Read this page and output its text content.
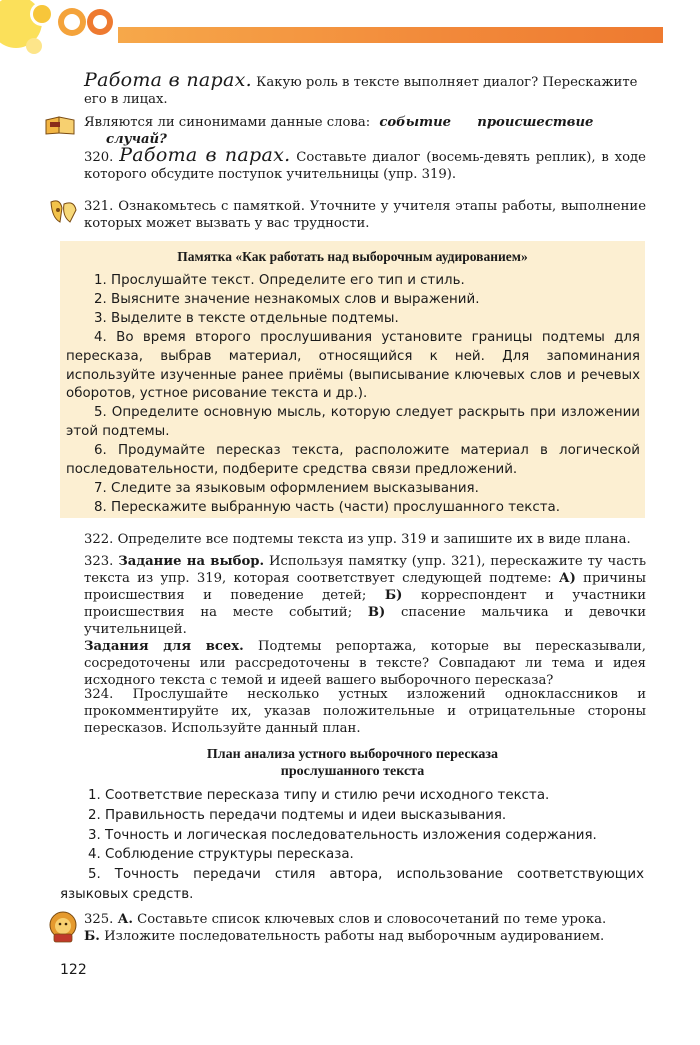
Работа в парах. Какую роль в тексте выполняет диалог? Перескажите его в лицах.
Являются ли синонимами данные слова: событие происшествие случай?
320. Работа в парах. Составьте диалог (восемь-девять реплик), в ходе которого обсудите поступок учительницы (упр. 319).
321. Ознакомьтесь с памяткой. Уточните у учителя этапы работы, выполнение которых может вызвать у вас трудности.
Памятка «Как работать над выборочным аудированием»
1. Прослушайте текст. Определите его тип и стиль.
2. Выясните значение незнакомых слов и выражений.
3. Выделите в тексте отдельные подтемы.
4. Во время второго прослушивания установите границы подтемы для пересказа, выбрав материал, относящийся к ней. Для запоминания используйте изученные ранее приёмы (выписывание ключевых слов и речевых оборотов, устное рисование текста и др.).
5. Определите основную мысль, которую следует раскрыть при изложении этой подтемы.
6. Продумайте пересказ текста, расположите материал в логической последовательности, подберите средства связи предложений.
7. Следите за языковым оформлением высказывания.
8. Перескажите выбранную часть (части) прослушанного текста.
322. Определите все подтемы текста из упр. 319 и запишите их в виде плана.
323. Задание на выбор. Используя памятку (упр. 321), перескажите ту часть текста из упр. 319, которая соответствует следующей подтеме: А) причины происшествия и поведение детей; Б) корреспондент и участники происшествия на месте событий; В) спасение мальчика и девочки учительницей.
Задания для всех. Подтемы репортажа, которые вы пересказывали, сосредоточены или рассредоточены в тексте? Совпадают ли тема и идея исходного текста с темой и идеей вашего выборочного пересказа?
324. Прослушайте несколько устных изложений одноклассников и прокомментируйте их, указав положительные и отрицательные стороны пересказов. Используйте данный план.
План анализа устного выборочного пересказа
прослушанного текста
1. Соответствие пересказа типу и стилю речи исходного текста.
2. Правильность передачи подтемы и идеи высказывания.
3. Точность и логическая последовательность изложения содержания.
4. Соблюдение структуры пересказа.
5. Точность передачи стиля автора, использование соответствующих языковых средств.
325. А. Составьте список ключевых слов и словосочетаний по теме урока.
Б. Изложите последовательность работы над выборочным аудированием.
122
